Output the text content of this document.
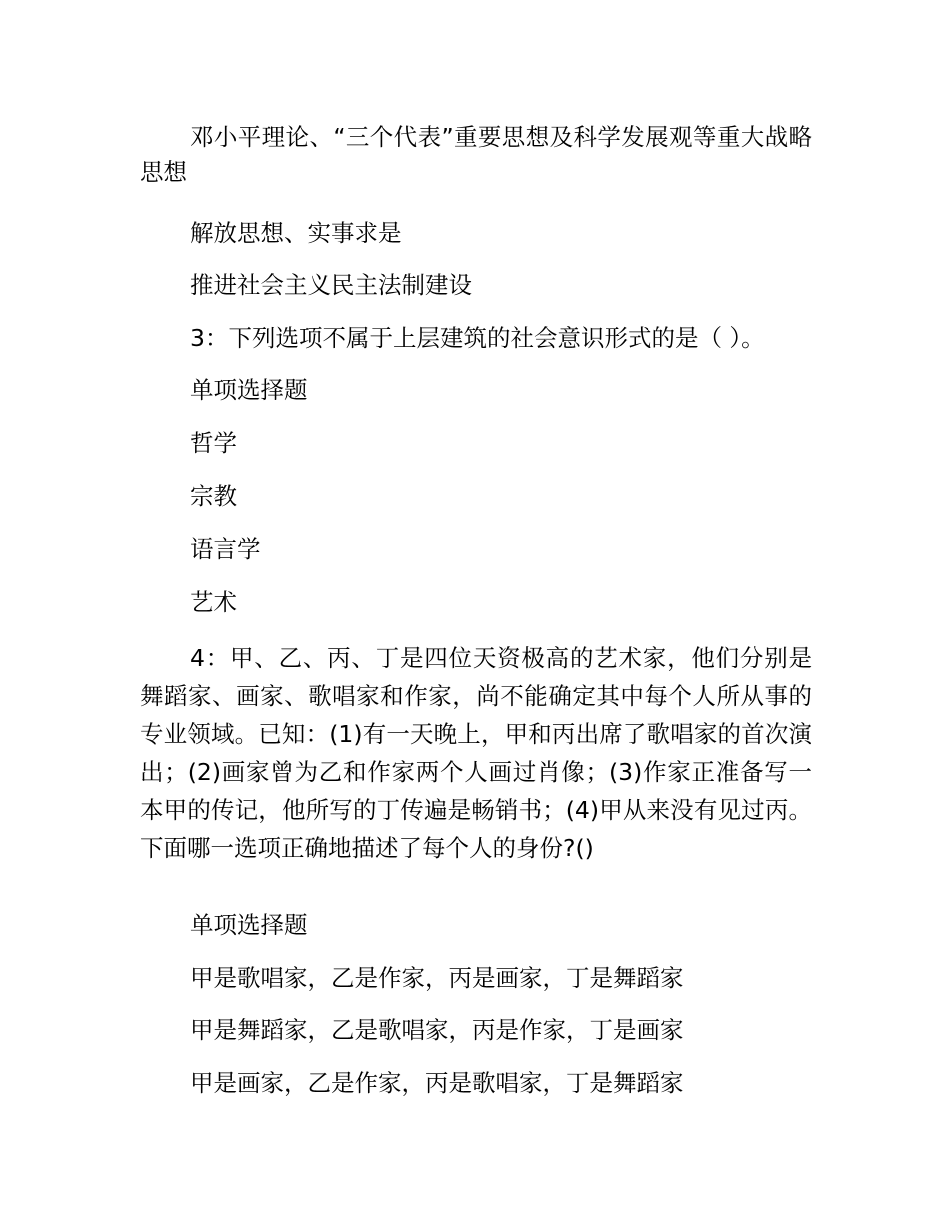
邓小平理论、“三个代表”重要思想及科学发展观等重大战略思想

解放思想、实事求是

推进社会主义民主法制建设

3：下列选项不属于上层建筑的社会意识形式的是（ ）。

单项选择题

哲学

宗教

语言学

艺术

4：甲、乙、丙、丁是四位天资极高的艺术家，他们分别是舞蹈家、画家、歌唱家和作家，尚不能确定其中每个人所从事的专业领域。已知：(1)有一天晚上，甲和丙出席了歌唱家的首次演出；(2)画家曾为乙和作家两个人画过肖像；(3)作家正准备写一本甲的传记，他所写的丁传遍是畅销书；(4)甲从来没有见过丙。下面哪一选项正确地描述了每个人的身份?()

单项选择题

甲是歌唱家，乙是作家，丙是画家，丁是舞蹈家

甲是舞蹈家，乙是歌唱家，丙是作家，丁是画家

甲是画家，乙是作家，丙是歌唱家，丁是舞蹈家
